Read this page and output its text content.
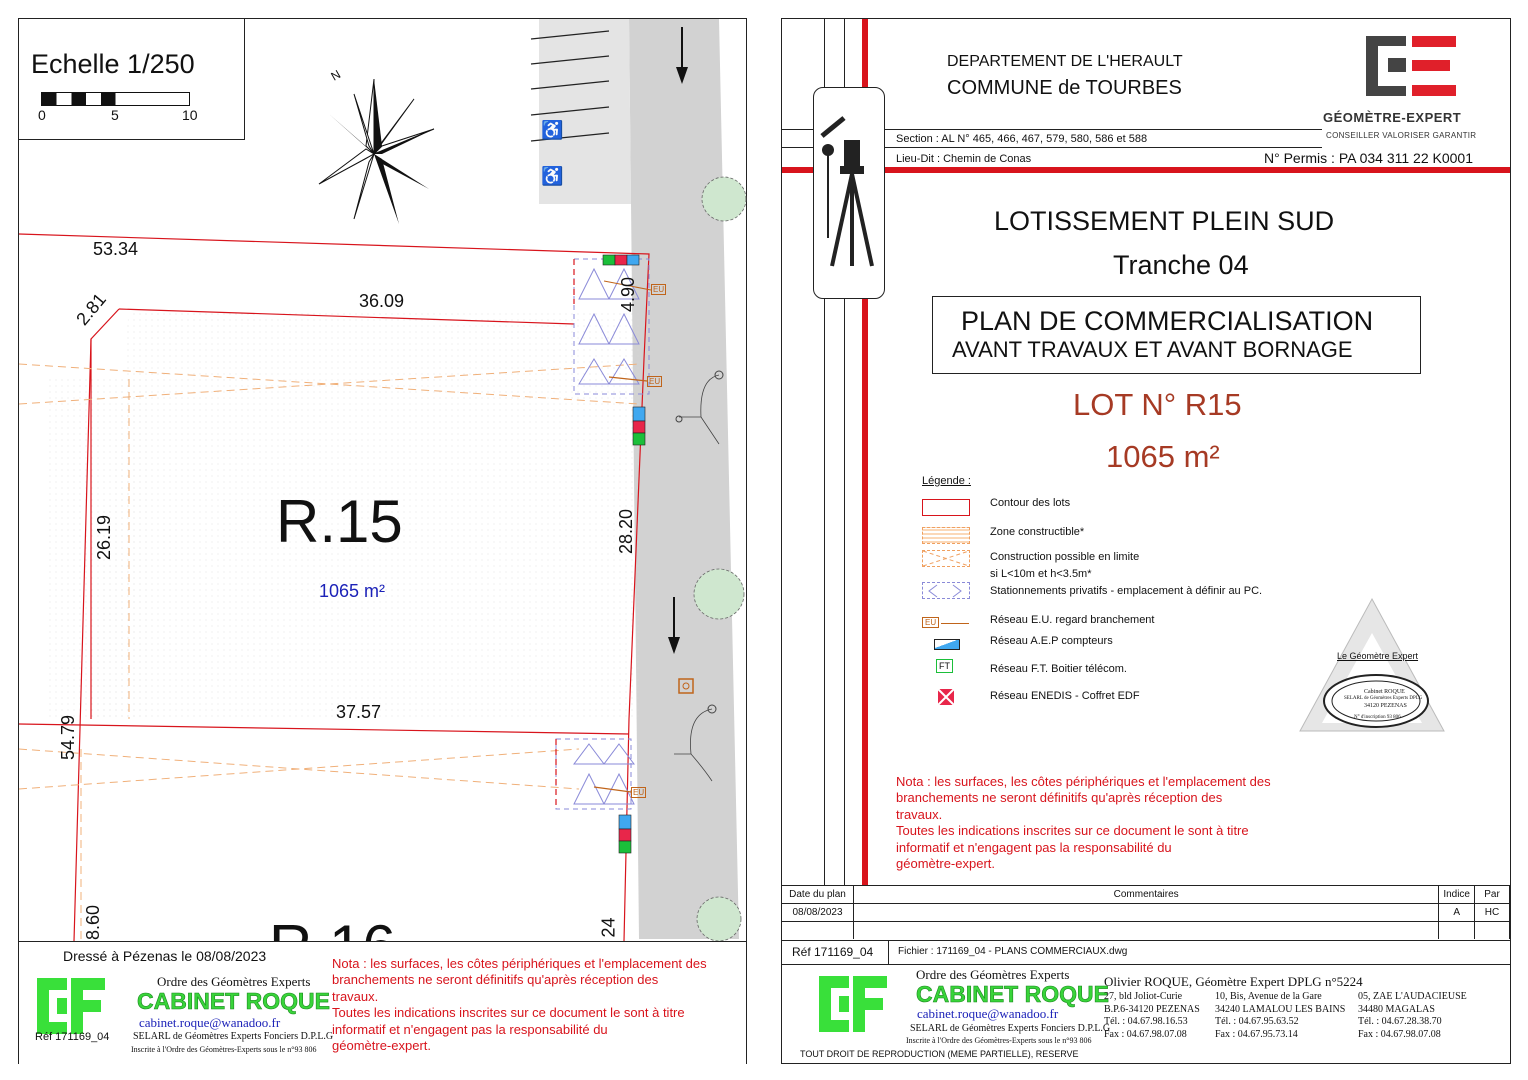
♿
♿
N
Echelle 1/250
0	5	10
53.34
2.81	36.09	4.90
26.19	28.20
37.57
54.79
8.60	24
R.15
1065 m²
EU
EU
EU
Dressé à Pézenas le 08/08/2023
Ordre des Géomètres Experts
CABINET ROQUE
cabinet.roque@wanadoo.fr
SELARL de Géomètres Experts Fonciers D.P.L.G
Inscrite à l'Ordre des Géomètres-Experts sous le n°93 806
Réf 171169_04
Nota : les surfaces, les côtes périphériques et l'emplacement des
branchements ne seront définitifs qu'après réception des
travaux.
Toutes les indications inscrites sur ce document le sont à titre
informatif et n'engagent pas la responsabilité du
géomètre-expert.
DEPARTEMENT DE L'HERAULT
COMMUNE de TOURBES
GÉOMÈTRE-EXPERT
CONSEILLER VALORISER GARANTIR
Section : AL N° 465, 466, 467, 579, 580, 586 et 588
Lieu-Dit : Chemin de Conas	N° Permis : PA 034 311 22 K0001
LOTISSEMENT PLEIN SUD
Tranche 04
PLAN DE COMMERCIALISATION
AVANT TRAVAUX ET AVANT BORNAGE
LOT N° R15
1065 m²
Légende :
EU
FT
Contour des lots
Zone constructible*
Construction possible en limite
si L<10m et h<3.5m*
Stationnements privatifs - emplacement à définir au PC.
Réseau E.U. regard branchement
Réseau A.E.P compteurs
Réseau F.T. Boitier télécom.
Réseau ENEDIS - Coffret EDF
Le Géomètre Expert
Cabinet ROQUE
SELARL de Géomètres Experts DPLG
34120 PEZENAS
N° d'inscription 93 806
Nota : les surfaces, les côtes périphériques et l'emplacement des
branchements ne seront définitifs qu'après réception des
travaux.
Toutes les indications inscrites sur ce document le sont à titre
informatif et n'engagent pas la responsabilité du
géomètre-expert.
Date du plan	Commentaires	Indice	Par
08/08/2023		A	HC

Réf 171169_04 Fichier : 171169_04 - PLANS COMMERCIAUX.dwg
Ordre des Géomètres Experts
CABINET ROQUE
cabinet.roque@wanadoo.fr
SELARL de Géomètres Experts Fonciers D.P.L.G
Inscrite à l'Ordre des Géomètres-Experts sous le n°93 806
Olivier ROQUE, Géomètre Expert DPLG n°5224
27, bld Joliot-Curie
B.P.6-34120 PEZENAS
Tél. : 04.67.98.16.53
Fax : 04.67.98.07.08
10, Bis, Avenue de la Gare
34240 LAMALOU LES BAINS
Tél. : 04.67.95.63.52
Fax : 04.67.95.73.14
05, ZAE L'AUDACIEUSE
34480 MAGALAS
Tél. : 04.67.28.38.70
Fax : 04.67.98.07.08
TOUT DROIT DE REPRODUCTION (MEME PARTIELLE), RESERVE
